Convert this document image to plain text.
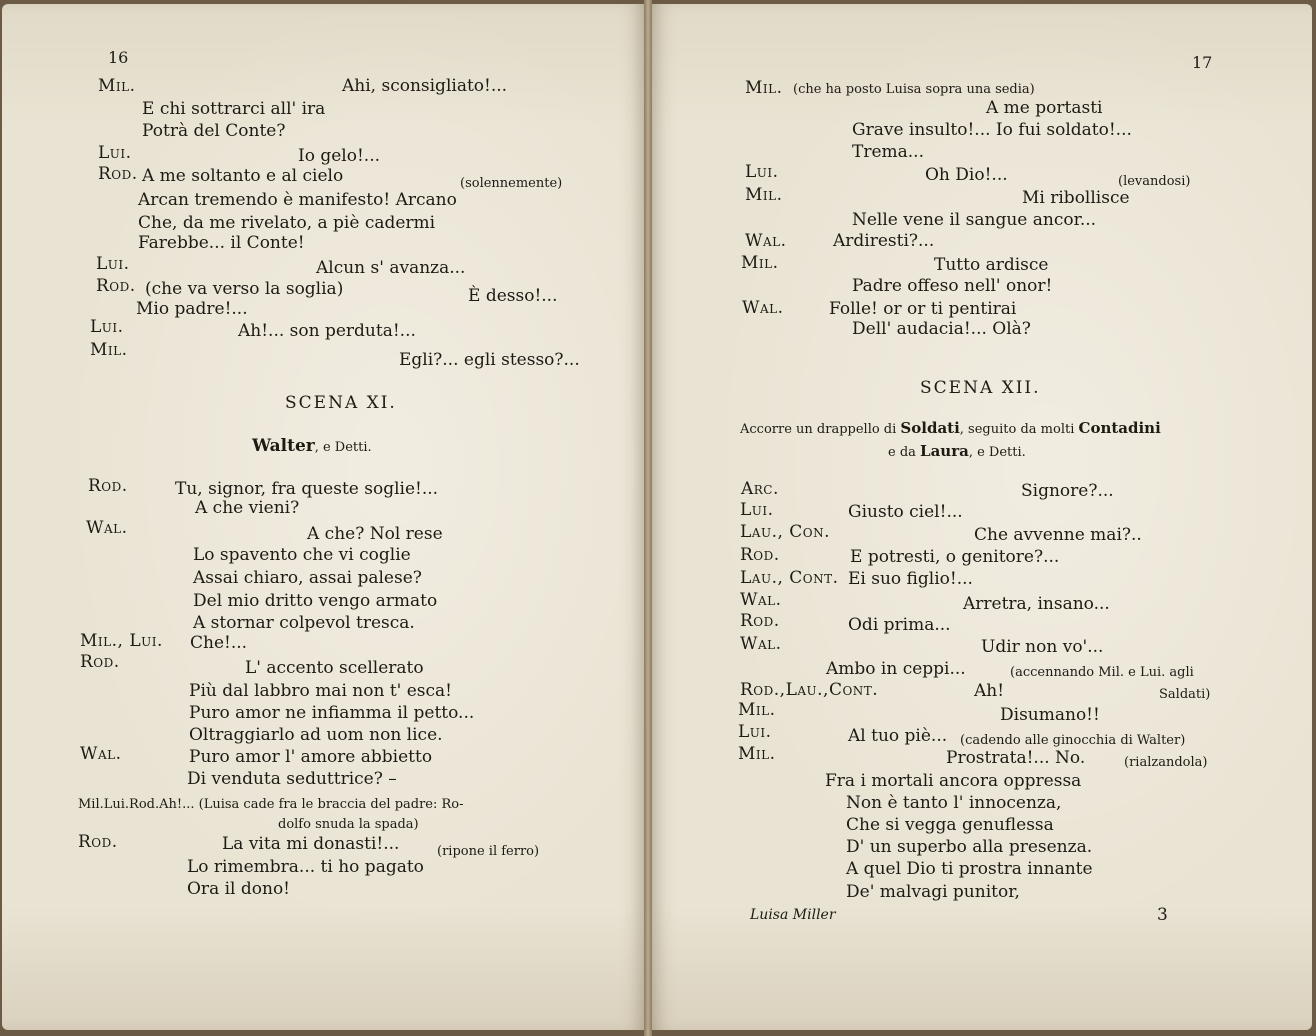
16
Mil.	Ahi, sconsigliato!...
E chi sottrarci all' ira
Potrà del Conte?
Lui.	Io gelo!...
Rod. A me soltanto e al cielo
Arcan tremendo è manifesto! Arcano
Che, da me rivelato, a piè cadermi
Farebbe... il Conte!
Lui.	Alcun s' avanza...
Rod. (che va verso la soglia)
Mio padre!...
Lui.	Ah!... son perduta!...
Mil.	Egli?... egli stesso?...
(solennemente)
È desso!...
SCENA XI.
Walter, e Detti.
Rod.	Tu, signor, fra queste soglie!...
A che vieni?
Wal.	A che? Nol rese
Lo spavento che vi coglie
Assai chiaro, assai palese?
Del mio dritto vengo armato
A stornar colpevol tresca.
Mil., Lui. Che!...
Rod.	L' accento scellerato
Più dal labbro mai non t' esca!
Puro amor ne infiamma il petto...
Oltraggiarlo ad uom non lice.
Wal.	Puro amor l' amore abbietto
Di venduta seduttrice? –
Mil.Lui.Rod.Ah!... (Luisa cade fra le braccia del padre: Ro-
dolfo snuda la spada)
Rod.	La vita mi donasti!...	(ripone il ferro)
Lo rimembra... ti ho pagato
Ora il dono!
17
Mil. (che ha posto Luisa sopra una sedia)
A me portasti
Grave insulto!... Io fui soldato!...
Trema...
Lui.	Oh Dio!...
Mil.	Mi ribollisce
Nelle vene il sangue ancor...
Wal.	Ardiresti?...
Mil.	Tutto ardisce
Padre offeso nell' onor!
Wal.	Folle! or or ti pentirai
Dell' audacia!... Olà?
(levandosi)
SCENA XII.
Accorre un drappello di Soldati, seguito da molti Contadini
e da Laura, e Detti.
Arc.	Signore?...
Lui.	Giusto ciel!...
Lau., Con.	Che avvenne mai?..
Rod.	E potresti, o genitore?...
Lau., Cont. Ei suo figlio!...
Wal.	Arretra, insano...
Rod.	Odi prima...
Wal.	Udir non vo'...
Ambo in ceppi...	(accennando Mil. e Lui. agli
Rod.,Lau.,Cont.	Ah!	Saldati)
Mil.	Disumano!!
Lui.	Al tuo piè... (cadendo alle ginocchia di Walter)
Mil.	Prostrata!... No.	(rialzandola)
Fra i mortali ancora oppressa
Non è tanto l' innocenza,
Che si vegga genuflessa
D' un superbo alla presenza.
A quel Dio ti prostra innante
De' malvagi punitor,
Luisa Miller	3
